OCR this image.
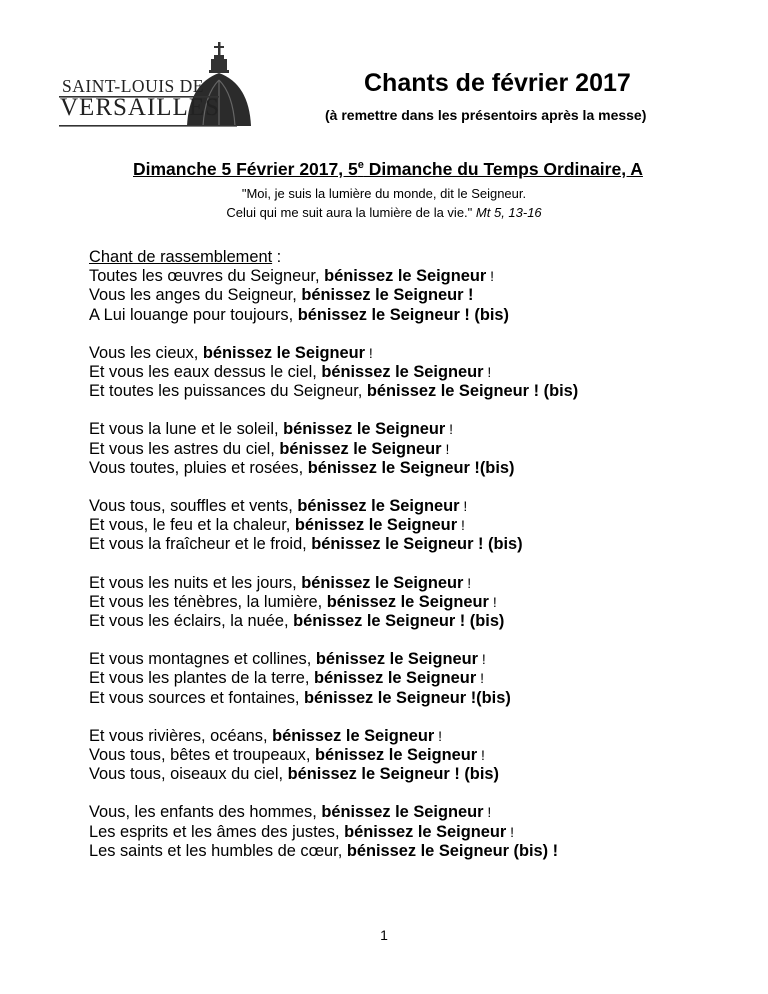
SAINT-LOUIS DE
VERSAILLES
Chants de février 2017
(à remettre dans les présentoirs après la messe)
Dimanche 5 Février 2017, 5e Dimanche du Temps Ordinaire, A
"Moi, je suis la lumière du monde, dit le Seigneur.
Celui qui me suit aura la lumière de la vie." Mt 5, 13-16
Chant de rassemblement :
Toutes les œuvres du Seigneur, bénissez le Seigneur !
Vous les anges du Seigneur, bénissez le Seigneur !
A Lui louange pour toujours, bénissez le Seigneur ! (bis)
Vous les cieux, bénissez le Seigneur !
Et vous les eaux dessus le ciel, bénissez le Seigneur !
Et toutes les puissances du Seigneur, bénissez le Seigneur ! (bis)
Et vous la lune et le soleil, bénissez le Seigneur !
Et vous les astres du ciel, bénissez le Seigneur !
Vous toutes, pluies et rosées, bénissez le Seigneur !(bis)
Vous tous, souffles et vents, bénissez le Seigneur !
Et vous, le feu et la chaleur, bénissez le Seigneur !
Et vous la fraîcheur et le froid, bénissez le Seigneur ! (bis)
Et vous les nuits et les jours, bénissez le Seigneur !
Et vous les ténèbres, la lumière, bénissez le Seigneur !
Et vous les éclairs, la nuée, bénissez le Seigneur ! (bis)
Et vous montagnes et collines, bénissez le Seigneur !
Et vous les plantes de la terre, bénissez le Seigneur !
Et vous sources et fontaines, bénissez le Seigneur !(bis)
Et vous rivières, océans, bénissez le Seigneur !
Vous tous, bêtes et troupeaux, bénissez le Seigneur !
Vous tous, oiseaux du ciel, bénissez le Seigneur ! (bis)
Vous, les enfants des hommes, bénissez le Seigneur !
Les esprits et les âmes des justes, bénissez le Seigneur !
Les saints et les humbles de cœur, bénissez le Seigneur (bis) !
1
